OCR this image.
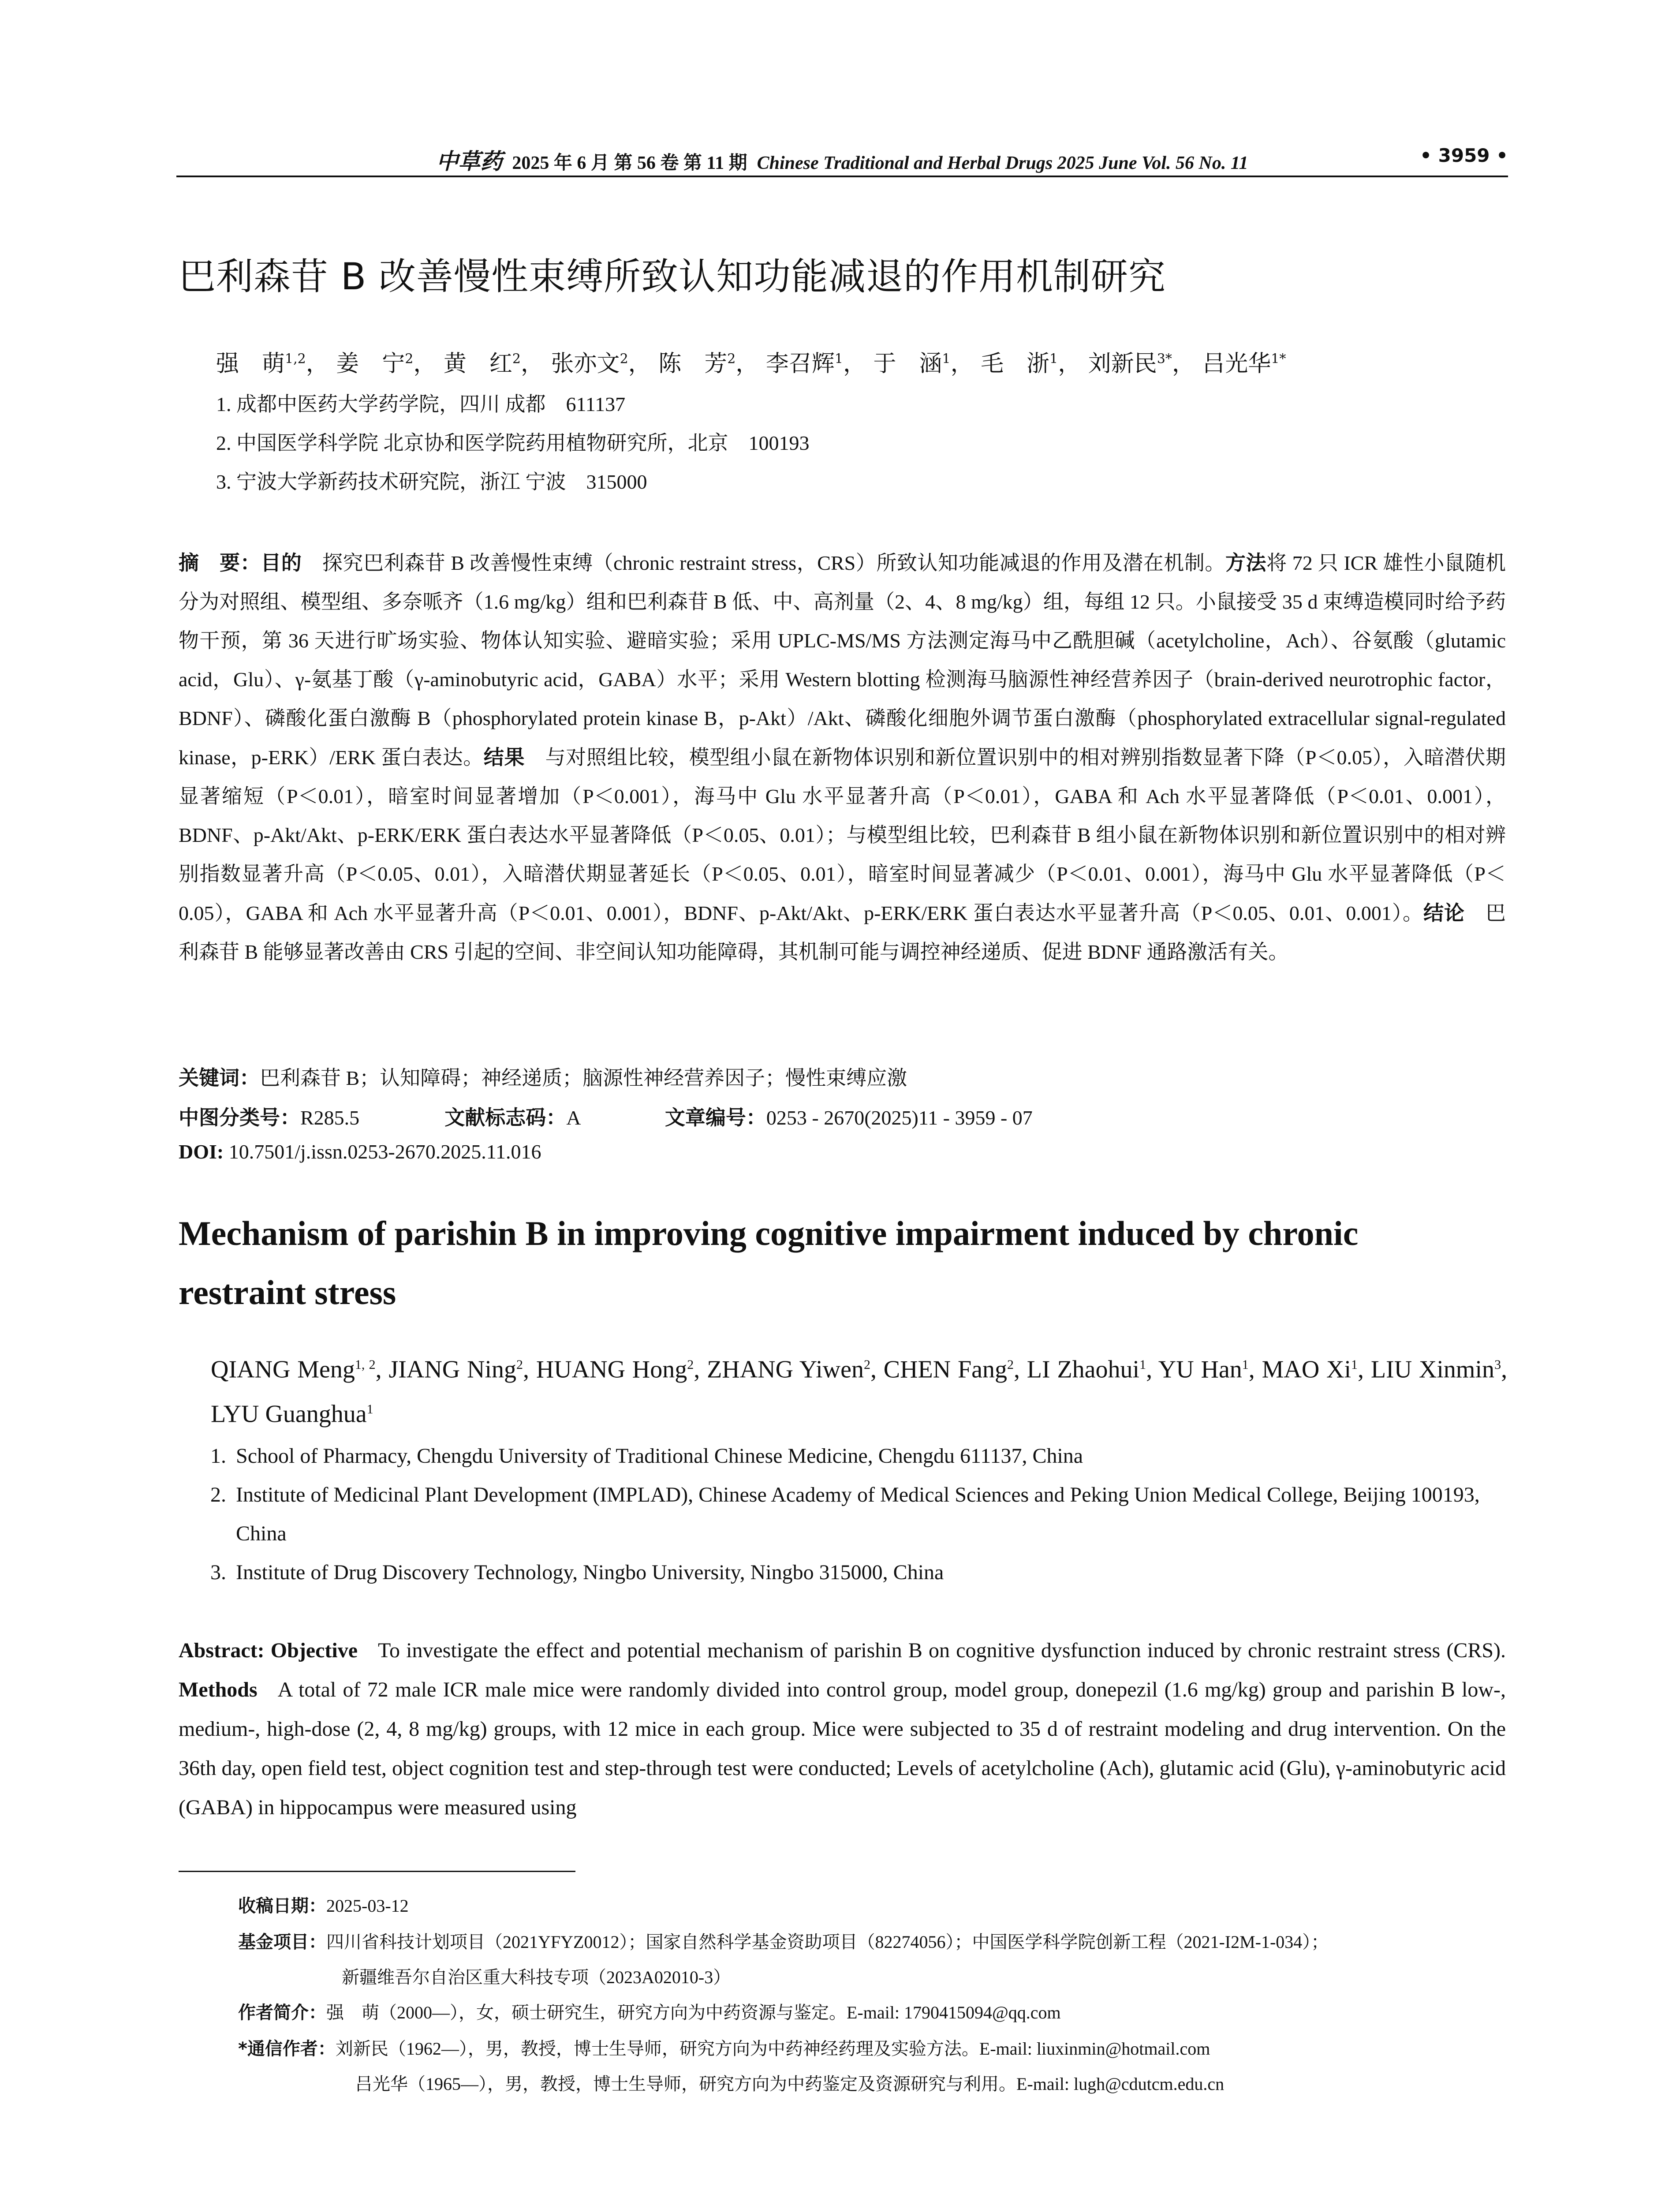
中草药 2025 年 6 月 第 56 卷 第 11 期 Chinese Traditional and Herbal Drugs 2025 June Vol. 56 No. 11	• 3959 •
巴利森苷 B 改善慢性束缚所致认知功能减退的作用机制研究
强　萌$^{1,2}$， 姜　宁$^2$， 黄　红$^2$， 张亦文$^2$， 陈　芳$^2$， 李召辉$^1$， 于　涵$^1$， 毛　浙$^1$， 刘新民$^{3*}$， 吕光华$^{1*}$
1. 成都中医药大学药学院，四川 成都　611137
2. 中国医学科学院 北京协和医学院药用植物研究所，北京　100193
3. 宁波大学新药技术研究院，浙江 宁波　315000
摘　要：目的 探究巴利森苷 B 改善慢性束缚（chronic restraint stress，CRS）所致认知功能减退的作用及潜在机制。方法将 72 只 ICR 雄性小鼠随机分为对照组、模型组、多奈哌齐（1.6 mg/kg）组和巴利森苷 B 低、中、高剂量（2、4、8 mg/kg）组，每组 12 只。小鼠接受 35 d 束缚造模同时给予药物干预，第 36 天进行旷场实验、物体认知实验、避暗实验；采用 UPLC-MS/MS 方法测定海马中乙酰胆碱（acetylcholine，Ach）、谷氨酸（glutamic acid，Glu）、γ-氨基丁酸（γ-aminobutyric acid，GABA）水平；采用 Western blotting 检测海马脑源性神经营养因子（brain-derived neurotrophic factor，BDNF）、磷酸化蛋白激酶 B（phosphorylated protein kinase B，p-Akt）/Akt、磷酸化细胞外调节蛋白激酶（phosphorylated extracellular signal-regulated kinase，p-ERK）/ERK 蛋白表达。结果 与对照组比较，模型组小鼠在新物体识别和新位置识别中的相对辨别指数显著下降（P＜0.05），入暗潜伏期显著缩短（P＜0.01），暗室时间显著增加（P＜0.001），海马中 Glu 水平显著升高（P＜0.01），GABA 和 Ach 水平显著降低（P＜0.01、0.001），BDNF、p-Akt/Akt、p-ERK/ERK 蛋白表达水平显著降低（P＜0.05、0.01）；与模型组比较，巴利森苷 B 组小鼠在新物体识别和新位置识别中的相对辨别指数显著升高（P＜0.05、0.01），入暗潜伏期显著延长（P＜0.05、0.01），暗室时间显著减少（P＜0.01、0.001），海马中 Glu 水平显著降低（P＜0.05），GABA 和 Ach 水平显著升高（P＜0.01、0.001），BDNF、p-Akt/Akt、p-ERK/ERK 蛋白表达水平显著升高（P＜0.05、0.01、0.001）。结论 巴利森苷 B 能够显著改善由 CRS 引起的空间、非空间认知功能障碍，其机制可能与调控神经递质、促进 BDNF 通路激活有关。
关键词：巴利森苷 B；认知障碍；神经递质；脑源性神经营养因子；慢性束缚应激
中图分类号：R285.5	文献标志码：A	文章编号：0253 - 2670(2025)11 - 3959 - 07
DOI: 10.7501/j.issn.0253-2670.2025.11.016
Mechanism of parishin B in improving cognitive impairment induced by chronic
restraint stress
QIANG Meng$^{1, 2}$, JIANG Ning$^2$, HUANG Hong$^2$, ZHANG Yiwen$^2$, CHEN Fang$^2$, LI Zhaohui$^1$, YU Han$^1$, MAO Xi$^1$, LIU Xinmin$^3$, LYU Guanghua$^1$
1. School of Pharmacy, Chengdu University of Traditional Chinese Medicine, Chengdu 611137, China
2. Institute of Medicinal Plant Development (IMPLAD), Chinese Academy of Medical Sciences and Peking Union Medical College, Beijing 100193, China
3. Institute of Drug Discovery Technology, Ningbo University, Ningbo 315000, China
Abstract: Objective To investigate the effect and potential mechanism of parishin B on cognitive dysfunction induced by chronic restraint stress (CRS). Methods A total of 72 male ICR male mice were randomly divided into control group, model group, donepezil (1.6 mg/kg) group and parishin B low-, medium-, high-dose (2, 4, 8 mg/kg) groups, with 12 mice in each group. Mice were subjected to 35 d of restraint modeling and drug intervention. On the 36th day, open field test, object cognition test and step-through test were conducted; Levels of acetylcholine (Ach), glutamic acid (Glu), γ-aminobutyric acid (GABA) in hippocampus were measured using
收稿日期：2025-03-12
基金项目：四川省科技计划项目（2021YFYZ0012）；国家自然科学基金资助项目（82274056）；中国医学科学院创新工程（2021-I2M-1-034）；
新疆维吾尔自治区重大科技专项（2023A02010-3）
作者简介：强　萌（2000—），女，硕士研究生，研究方向为中药资源与鉴定。E-mail: 1790415094@qq.com
*通信作者：刘新民（1962—），男，教授，博士生导师，研究方向为中药神经药理及实验方法。E-mail: liuxinmin@hotmail.com
吕光华（1965—），男，教授，博士生导师，研究方向为中药鉴定及资源研究与利用。E-mail: lugh@cdutcm.edu.cn
